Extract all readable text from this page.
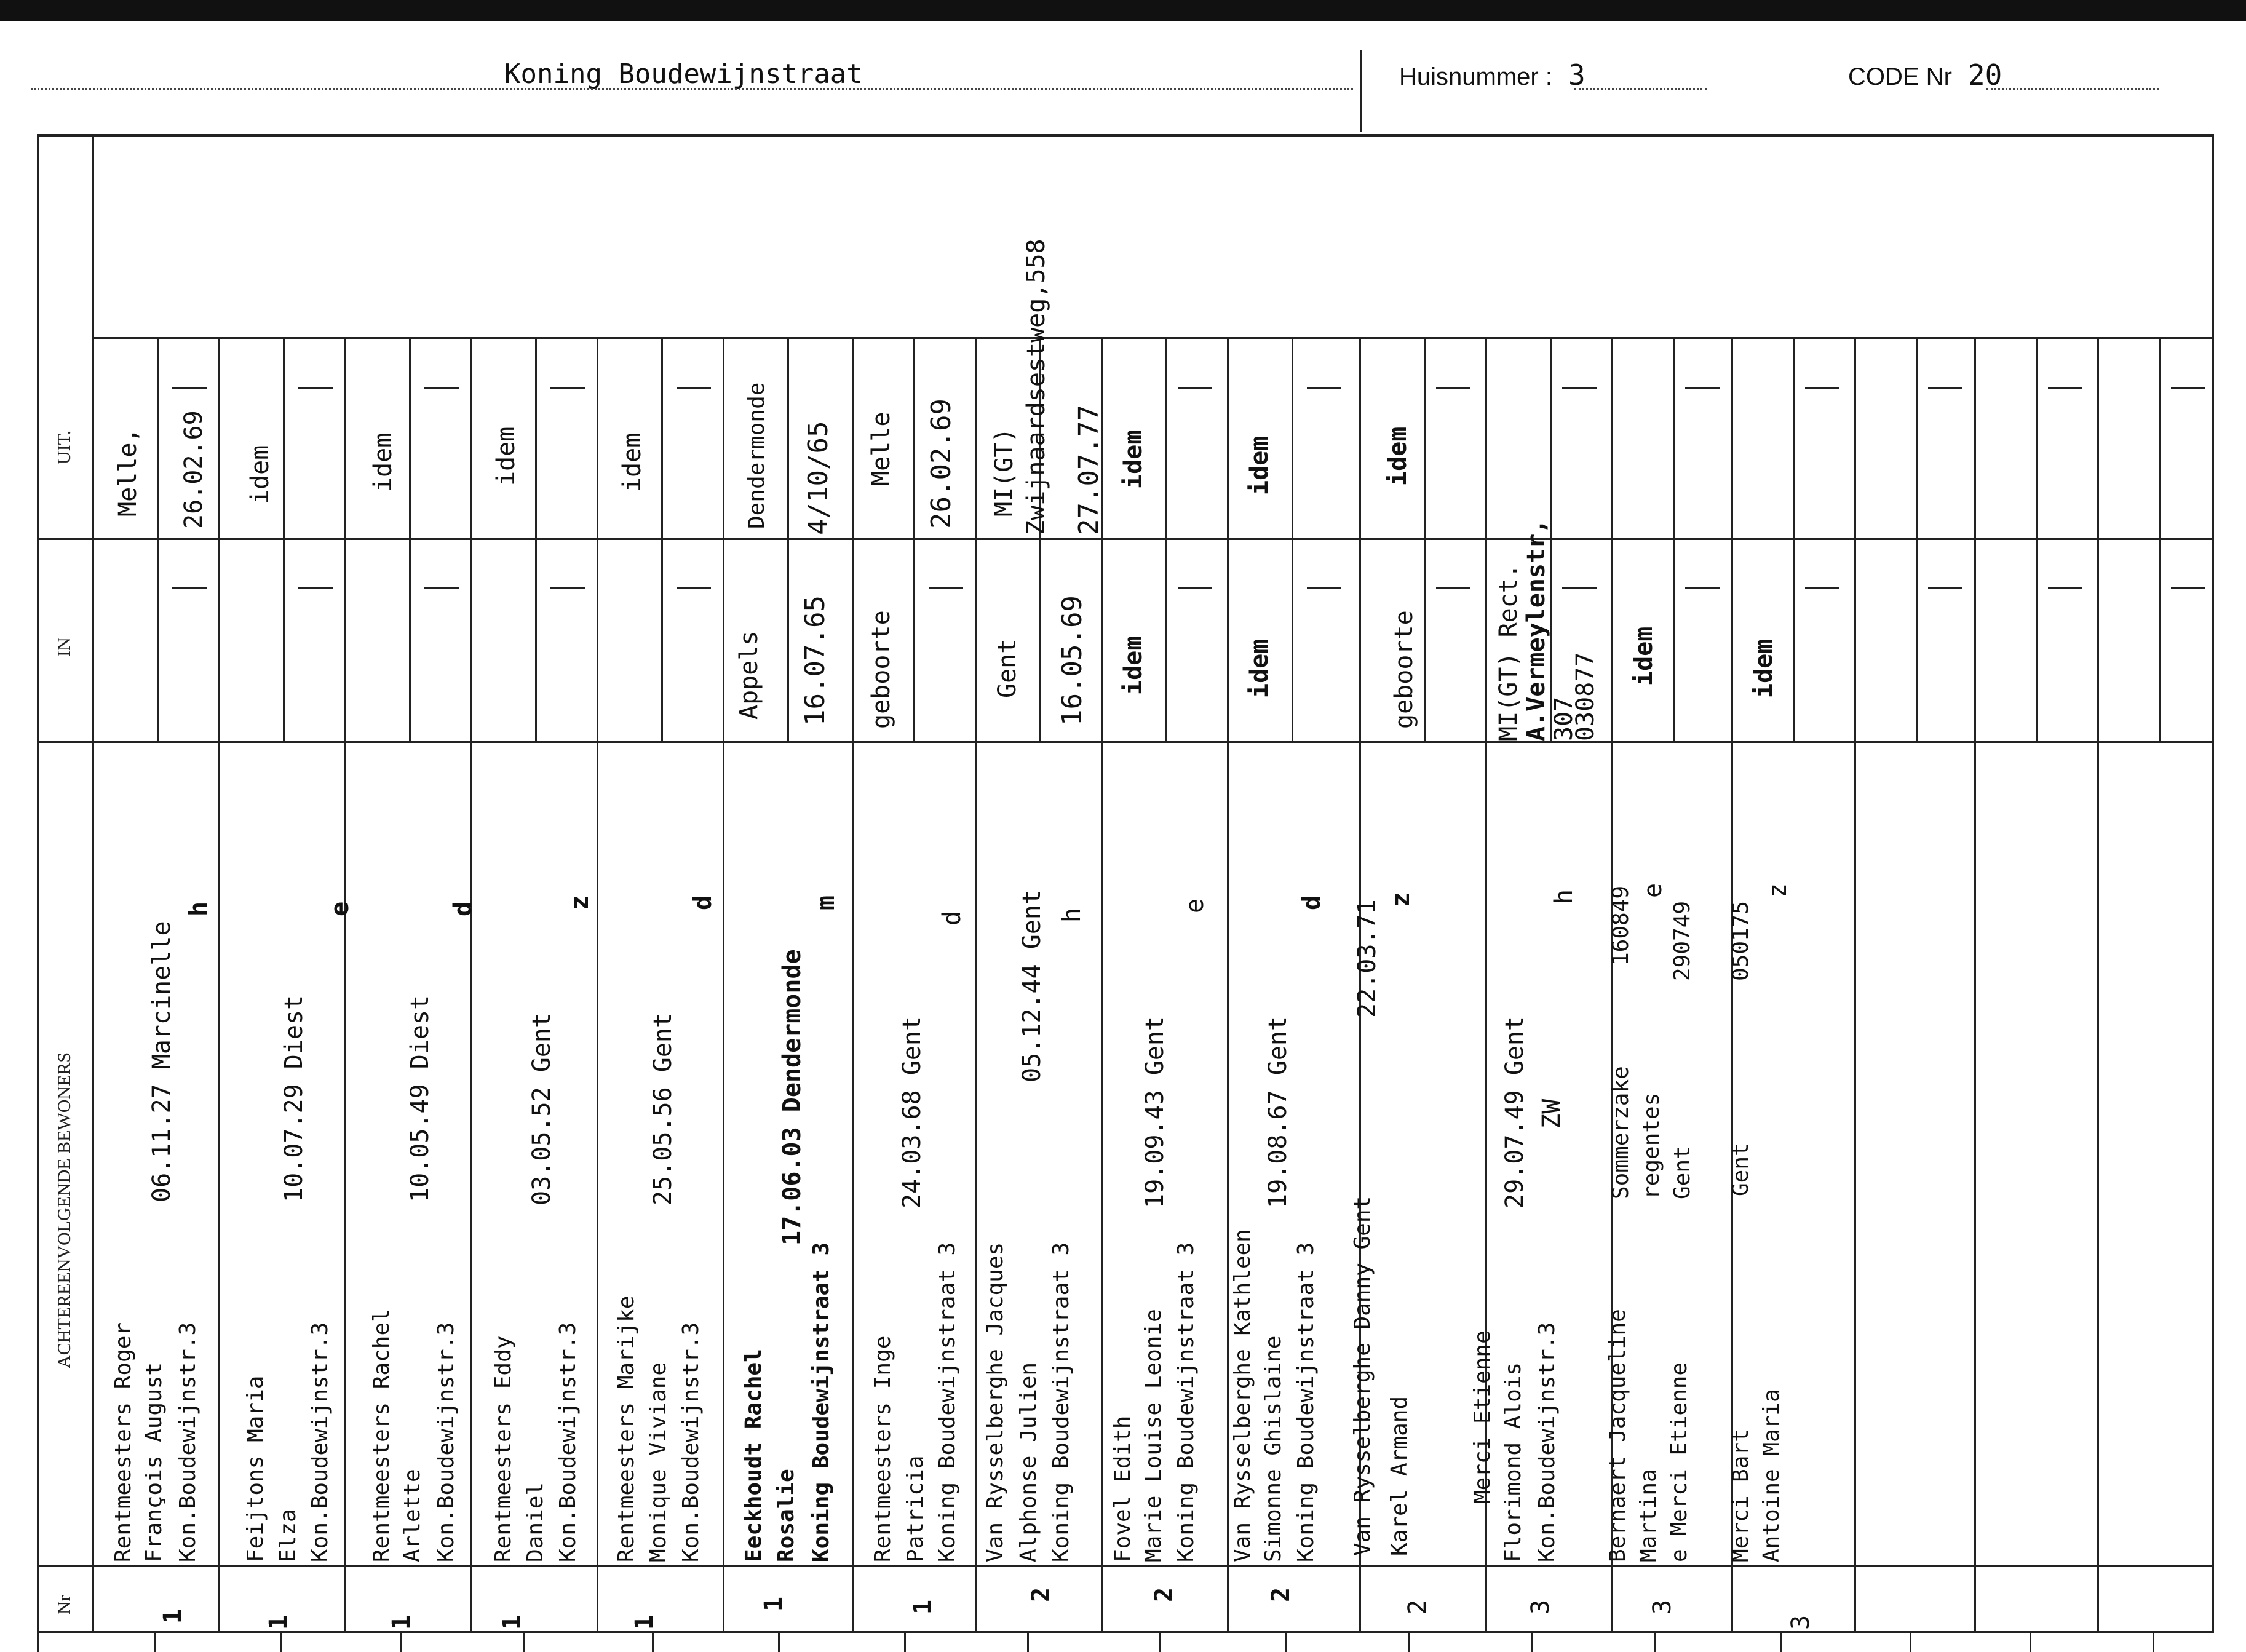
Koning Boudewijnstraat	Huisnummer : 3	CODE Nr 20
Nr
ACHTEREENVOLGENDE BEWONERS
IN
UIT.
1
Rentmeesters Roger François August Kon.Boudewijnstr.3
06.11.27 Marcinelle
h
Melle, 26.02.69
1
Feijtons Maria Elza Kon.Boudewijnstr.3
10.07.29 Diest
e
idem
1
Rentmeesters Rachel Arlette Kon.Boudewijnstr.3
10.05.49 Diest
d
idem
1
Rentmeesters Eddy Daniel Kon.Boudewijnstr.3
03.05.52 Gent
z
idem
1
Rentmeesters Marijke Monique Viviane Kon.Boudewijnstr.3
25.05.56 Gent
d
idem
1
Eeckhoudt Rachel Rosalie Koning Boudewijnstraat 3
17.06.03 Dendermonde
m
Appels 16.07.65
Dendermonde 4/10/65
1
Rentmeesters Inge Patricia Koning Boudewijnstraat 3
24.03.68 Gent
d
geboorte
Melle 26.02.69
2
Van Rysselberghe Jacques Alphonse Julien Koning Boudewijnstraat 3
05.12.44 Gent h
Gent 16.05.69
MI(GT) Zwijnaardsestweg,558 27.07.77
2
Fovel Edith Marie Louise Leonie Koning Boudewijnstraat 3
19.09.43 Gent
e
idem
idem
2
Van Rysselberghe Kathleen Simonne Ghislaine Koning Boudewijnstraat 3
19.08.67 Gent
d
idem
idem
2
Van Rysselberghe Danny Gent Karel Armand
22.03.71 z
geboorte
idem
3
Merci Etienne Florimond Alois Kon.Boudewijnstr.3
29.07.49 Gent ZW
h
MI(GT) Rect. A.Vermeylenstr, 307
030877
3
Bernaert Jacqueline Martina e Merci Etienne
Sommerzake regentes Gent
160849 290749
e
idem
3
Merci Bart Antoine Maria
Gent
050175
z
idem
